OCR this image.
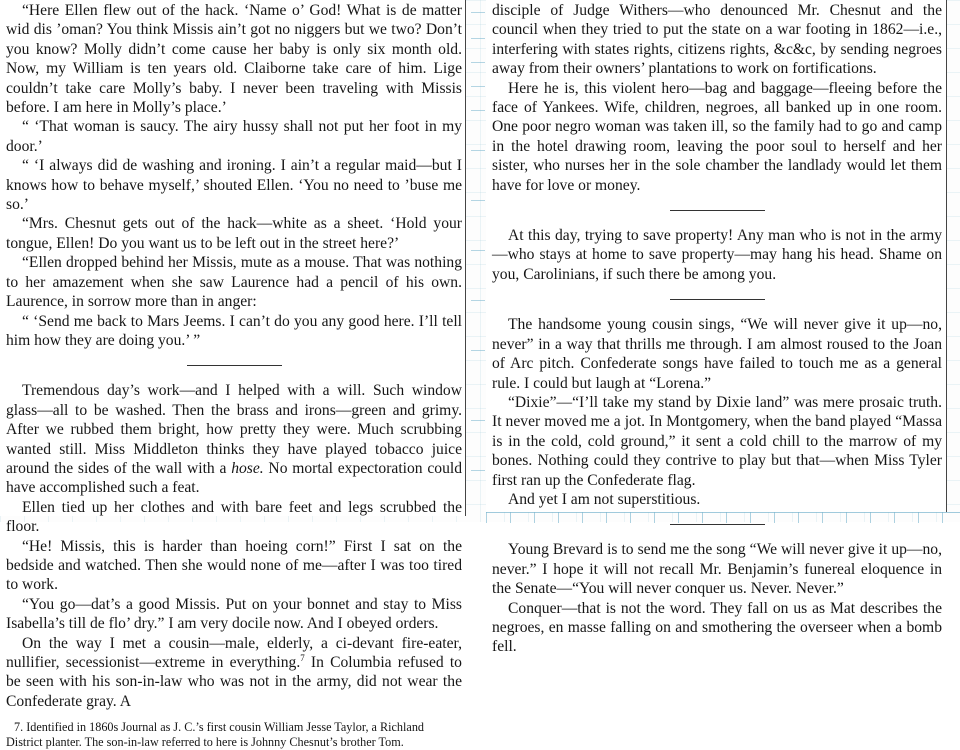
“Here Ellen flew out of the hack. ‘Name o’ God! What is de matter wid dis ’oman? You think Missis ain’t got no niggers but we two? Don’t you know? Molly didn’t come cause her baby is only six month old. Now, my William is ten years old. Claiborne take care of him. Lige couldn’t take care Molly’s baby. I never been traveling with Missis before. I am here in Molly’s place.’

“ ‘That woman is saucy. The airy hussy shall not put her foot in my door.’

“ ‘I always did de washing and ironing. I ain’t a regular maid—but I knows how to behave myself,’ shouted Ellen. ‘You no need to ’buse me so.’

“Mrs. Chesnut gets out of the hack—white as a sheet. ‘Hold your tongue, Ellen! Do you want us to be left out in the street here?’

“Ellen dropped behind her Missis, mute as a mouse. That was nothing to her amazement when she saw Laurence had a pencil of his own. Laurence, in sorrow more than in anger:

“ ‘Send me back to Mars Jeems. I can’t do you any good here. I’ll tell him how they are doing you.’ ”

Tremendous day’s work—and I helped with a will. Such window glass—all to be washed. Then the brass and irons—green and grimy. After we rubbed them bright, how pretty they were. Much scrubbing wanted still. Miss Middleton thinks they have played tobacco juice around the sides of the wall with a hose. No mortal expectoration could have accomplished such a feat.

Ellen tied up her clothes and with bare feet and legs scrubbed the floor.

“He! Missis, this is harder than hoeing corn!” First I sat on the bedside and watched. Then she would none of me—after I was too tired to work.

“You go—dat’s a good Missis. Put on your bonnet and stay to Miss Isabella’s till de flo’ dry.” I am very docile now. And I obeyed orders.

On the way I met a cousin—male, elderly, a ci-devant fire-eater, nullifier, secessionist—extreme in everything.$^7$ In Columbia refused to be seen with his son-in-law who was not in the army, did not wear the Confederate gray. A

7. Identified in 1860s Journal as J. C.’s first cousin William Jesse Taylor, a Richland District planter. The son-in-law referred to here is Johnny Chesnut’s brother Tom.

disciple of Judge Withers—who denounced Mr. Chesnut and the council when they tried to put the state on a war footing in 1862—i.e., interfering with states rights, citizens rights, &c&c, by sending negroes away from their owners’ plantations to work on fortifications.

Here he is, this violent hero—bag and baggage—fleeing before the face of Yankees. Wife, children, negroes, all banked up in one room. One poor negro woman was taken ill, so the family had to go and camp in the hotel drawing room, leaving the poor soul to herself and her sister, who nurses her in the sole chamber the landlady would let them have for love or money.

At this day, trying to save property! Any man who is not in the army—who stays at home to save property—may hang his head. Shame on you, Carolinians, if such there be among you.

The handsome young cousin sings, “We will never give it up—no, never” in a way that thrills me through. I am almost roused to the Joan of Arc pitch. Confederate songs have failed to touch me as a general rule. I could but laugh at “Lorena.”

“Dixie”—“I’ll take my stand by Dixie land” was mere prosaic truth. It never moved me a jot. In Montgomery, when the band played “Massa is in the cold, cold ground,” it sent a cold chill to the marrow of my bones. Nothing could they contrive to play but that—when Miss Tyler first ran up the Confederate flag.

And yet I am not superstitious.

Young Brevard is to send me the song “We will never give it up—no, never.” I hope it will not recall Mr. Benjamin’s funereal eloquence in the Senate—“You will never conquer us. Never. Never.”

Conquer—that is not the word. They fall on us as Mat describes the negroes, en masse falling on and smothering the overseer when a bomb fell.
